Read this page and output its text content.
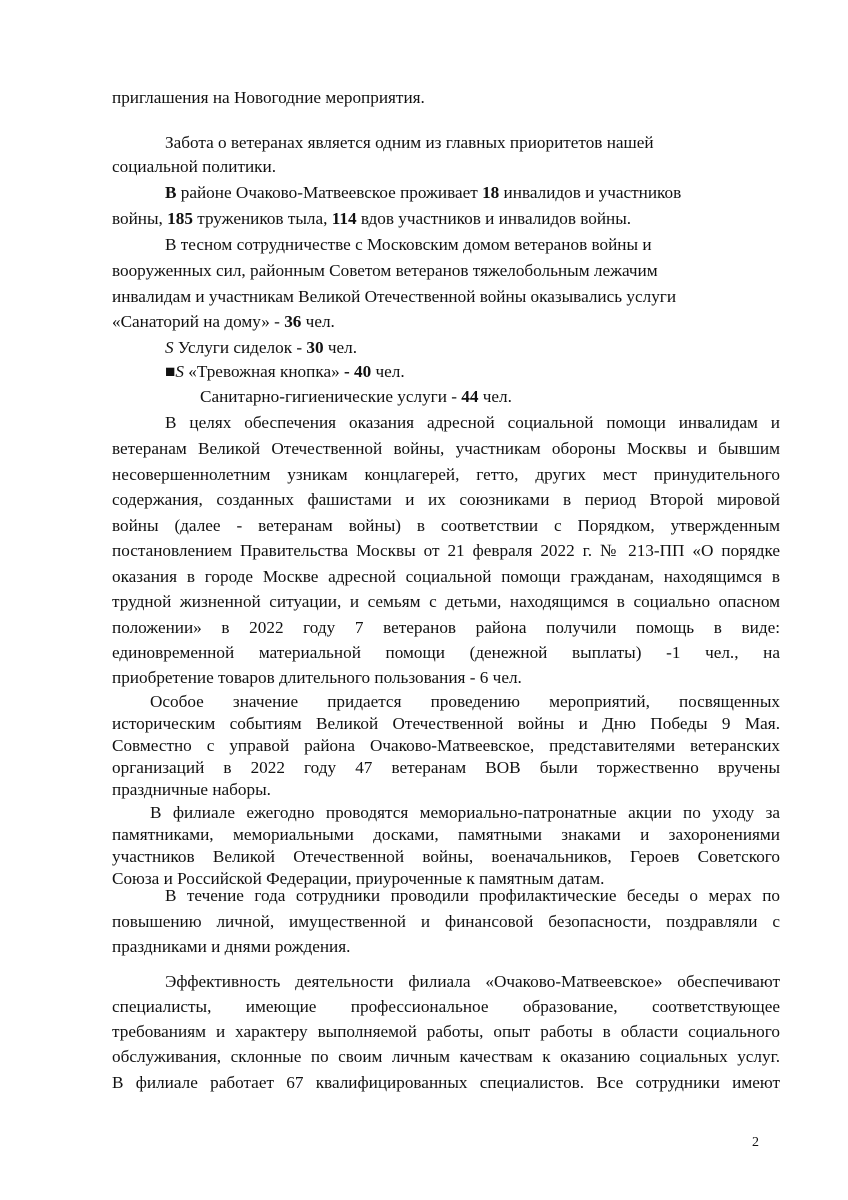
приглашения на Новогодние мероприятия.
Забота о ветеранах является одним из главных приоритетов нашей
социальной политики.
В районе Очаково-Матвеевское проживает 18 инвалидов и участников
войны, 185 тружеников тыла, 114 вдов участников и инвалидов войны.
В тесном сотрудничестве с Московским домом ветеранов войны и
вооруженных сил, районным Советом ветеранов тяжелобольным лежачим
инвалидам и участникам Великой Отечественной войны оказывались услуги
«Санаторий на дому» - 36 чел.
S Услуги сиделок - 30 чел.
■S «Тревожная кнопка» - 40 чел.
Санитарно-гигиенические услуги - 44 чел.
В целях обеспечения оказания адресной социальной помощи инвалидам и
ветеранам Великой Отечественной войны, участникам обороны Москвы и бывшим
несовершеннолетним узникам концлагерей, гетто, других мест принудительного
содержания, созданных фашистами и их союзниками в период Второй мировой
войны (далее - ветеранам войны) в соответствии с Порядком, утвержденным
постановлением Правительства Москвы от 21 февраля 2022 г. № 213-ПП «О порядке
оказания в городе Москве адресной социальной помощи гражданам, находящимся в
трудной жизненной ситуации, и семьям с детьми, находящимся в социально опасном
положении» в 2022 году 7 ветеранов района получили помощь в виде:
единовременной материальной помощи (денежной выплаты) -1 чел., на
приобретение товаров длительного пользования - 6 чел.
Особое значение придается проведению мероприятий, посвященных
историческим событиям Великой Отечественной войны и Дню Победы 9 Мая.
Совместно с управой района Очаково-Матвеевское, представителями ветеранских
организаций в 2022 году 47 ветеранам ВОВ были торжественно вручены
праздничные наборы.
В филиале ежегодно проводятся мемориально-патронатные акции по уходу за
памятниками, мемориальными досками, памятными знаками и захоронениями
участников Великой Отечественной войны, военачальников, Героев Советского
Союза и Российской Федерации, приуроченные к памятным датам.
В течение года сотрудники проводили профилактические беседы о мерах по
повышению личной, имущественной и финансовой безопасности, поздравляли с
праздниками и днями рождения.
Эффективность деятельности филиала «Очаково-Матвеевское» обеспечивают
специалисты, имеющие профессиональное образование, соответствующее
требованиям и характеру выполняемой работы, опыт работы в области социального
обслуживания, склонные по своим личным качествам к оказанию социальных услуг.
В филиале работает 67 квалифицированных специалистов. Все сотрудники имеют
2
